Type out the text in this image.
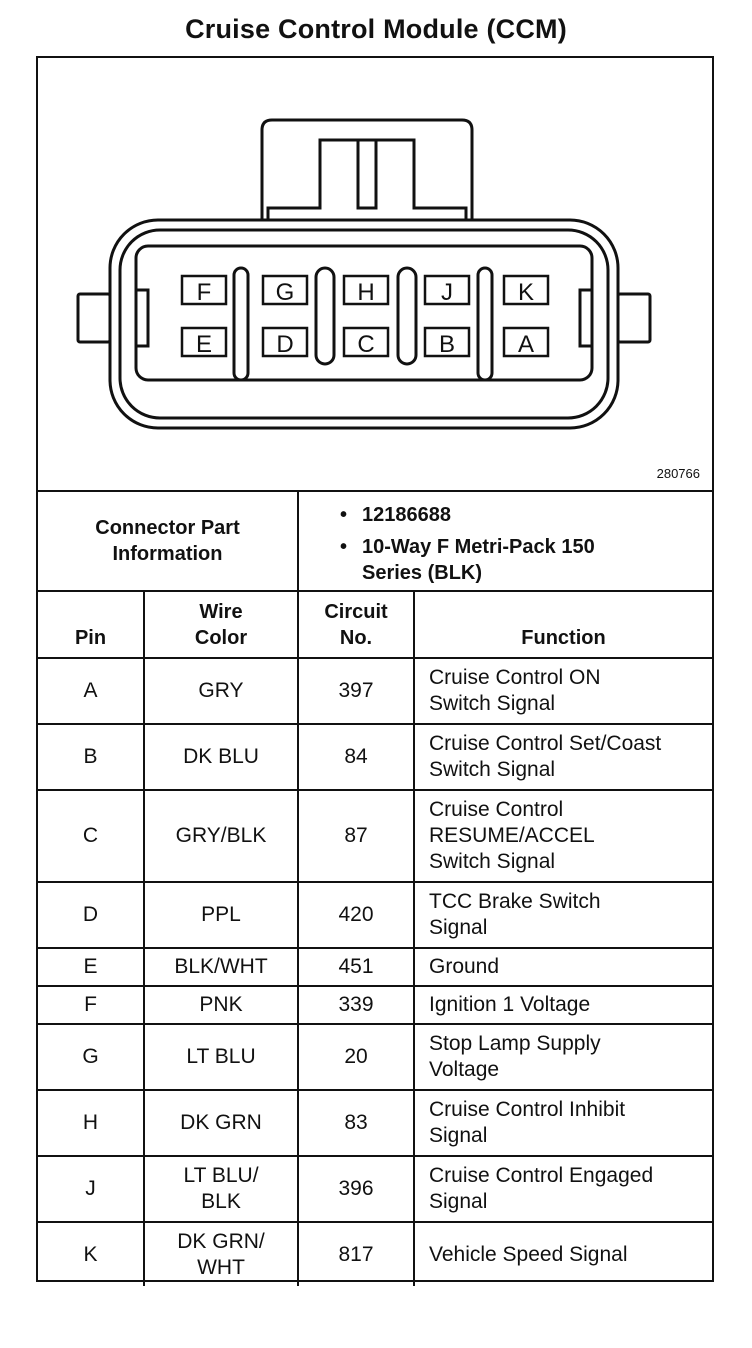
Cruise Control Module (CCM)
F	G	H	J	K
E	D	C	B	A
280766
Connector Part Information
• 12186688
• 10-Way F Metri-Pack 150 Series (BLK)
Pin	Wire Color	Circuit No.	Function
A	GRY	397	Cruise Control ON Switch Signal

B	DK BLU	84	Cruise Control Set/Coast Switch Signal

C	GRY/BLK	87	Cruise Control RESUME/ACCEL Switch Signal

D	PPL	420	TCC Brake Switch Signal

E	BLK/WHT	451	Ground
F	PNK	339	Ignition 1 Voltage
G	LT BLU	20	Stop Lamp Supply Voltage

H	DK GRN	83	Cruise Control Inhibit Signal

J	LT BLU/ BLK	396	Cruise Control Engaged Signal

K	DK GRN/ WHT	817	Vehicle Speed Signal
